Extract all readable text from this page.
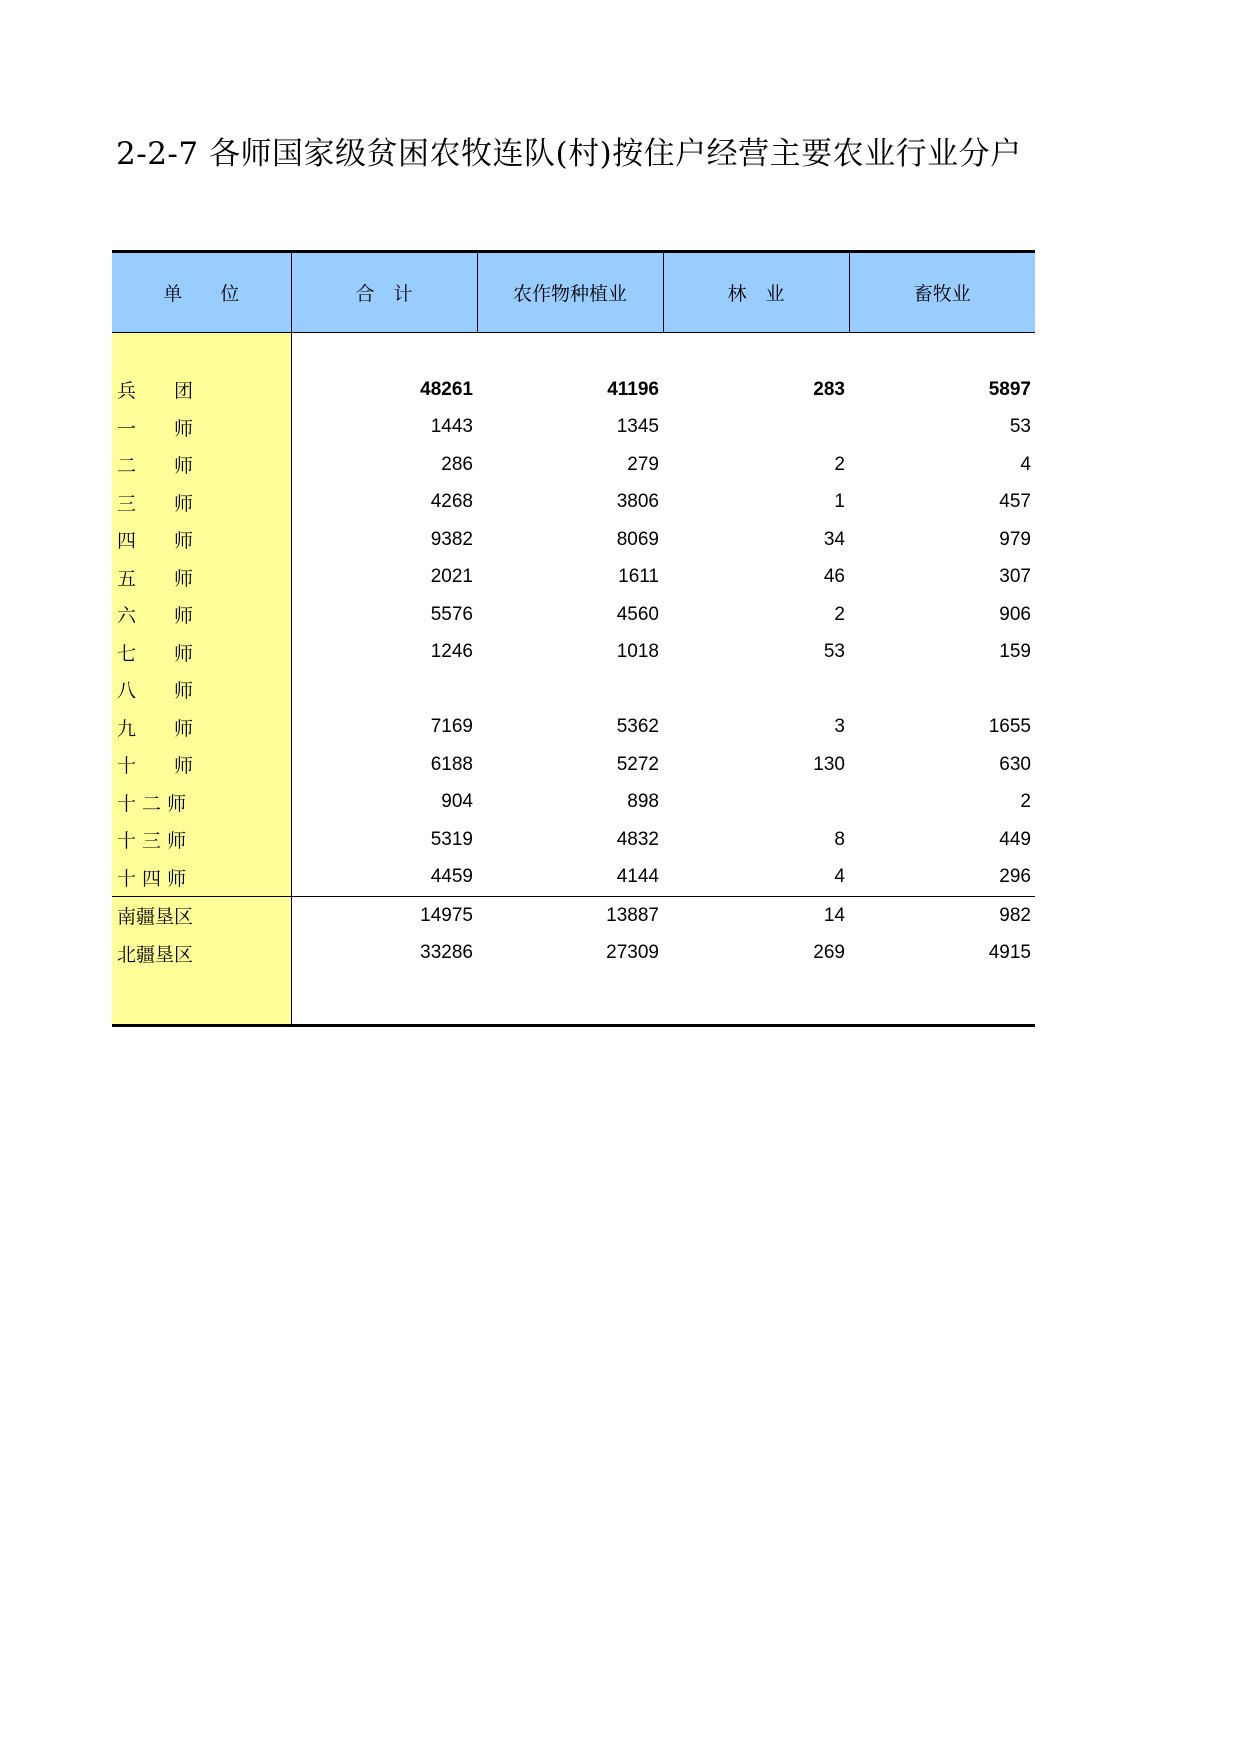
2-2-7 各师国家级贫困农牧连队(村)按住户经营主要农业行业分户
单　　位	合　计	农作物种植业	林　业	畜牧业

兵　　团	48261	41196	283	5897
一　　师	1443	1345		53
二　　师	286	279	2	4
三　　师	4268	3806	1	457
四　　师	9382	8069	34	979
五　　师	2021	1611	46	307
六　　师	5576	4560	2	906
七　　师	1246	1018	53	159
八　　师				
九　　师	7169	5362	3	1655
十　　师	6188	5272	130	630
十 二 师	904	898		2
十 三 师	5319	4832	8	449
十 四 师	4459	4144	4	296
南疆垦区	14975	13887	14	982
北疆垦区	33286	27309	269	4915
